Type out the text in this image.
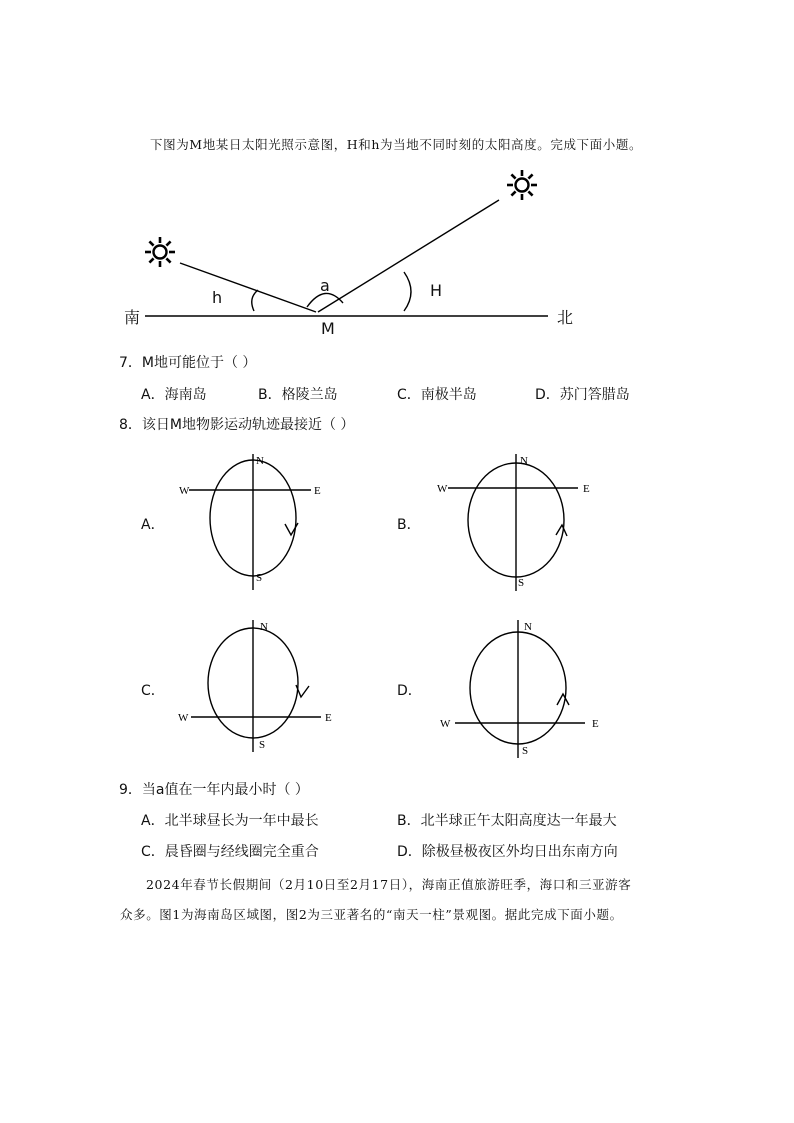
下图为M地某日太阳光照示意图，H和h为当地不同时刻的太阳高度。完成下面小题。
南	北
M
h	H
a
7．M地可能位于（ ）
A．海南岛	B．格陵兰岛	C．南极半岛	D．苏门答腊岛
8．该日M地物影运动轨迹最接近（ ）
A．	B．
C．	D．
N
S
W	E
N
S
W	E
N
S
W	E
N
S
W	E
9．当a值在一年内最小时（ ）
A．北半球昼长为一年中最长	B．北半球正午太阳高度达一年最大
C．晨昏圈与经线圈完全重合	D．除极昼极夜区外均日出东南方向
2024年春节长假期间（2月10日至2月17日），海南正值旅游旺季，海口和三亚游客
众多。图1为海南岛区域图，图2为三亚著名的“南天一柱”景观图。据此完成下面小题。
